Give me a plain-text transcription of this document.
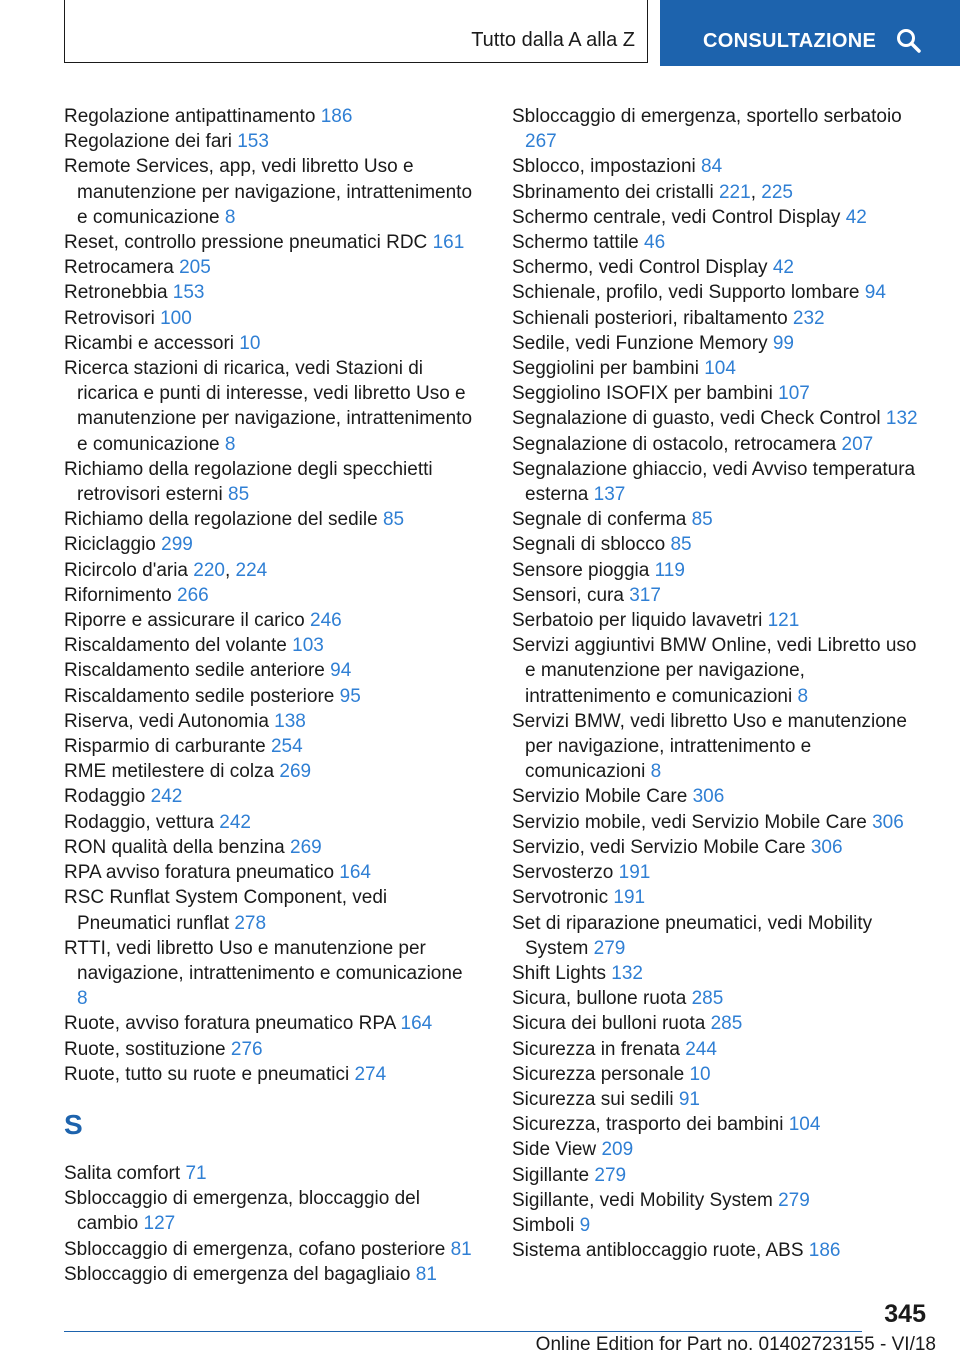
Tutto dalla A alla Z	CONSULTAZIONE

Regolazione antipattinamento 186

Regolazione dei fari 153

Remote Services, app, vedi libretto Uso e manutenzione per navigazione, intrattenimento e comunicazione 8

Reset, controllo pressione pneumatici RDC 161

Retrocamera 205

Retronebbia 153

Retrovisori 100

Ricambi e accessori 10

Ricerca stazioni di ricarica, vedi Stazioni di ricarica e punti di interesse, vedi libretto Uso e manutenzione per navigazione, intrattenimento e comunicazione 8

Richiamo della regolazione degli specchietti retrovisori esterni 85

Richiamo della regolazione del sedile 85

Riciclaggio 299

Ricircolo d'aria 220, 224

Rifornimento 266

Riporre e assicurare il carico 246

Riscaldamento del volante 103

Riscaldamento sedile anteriore 94

Riscaldamento sedile posteriore 95

Riserva, vedi Autonomia 138

Risparmio di carburante 254

RME metilestere di colza 269

Rodaggio 242

Rodaggio, vettura 242

RON qualità della benzina 269

RPA avviso foratura pneumatico 164

RSC Runflat System Component, vedi Pneumatici runflat 278

RTTI, vedi libretto Uso e manutenzione per navigazione, intrattenimento e comunicazione 8

Ruote, avviso foratura pneumatico RPA 164

Ruote, sostituzione 276

Ruote, tutto su ruote e pneumatici 274

S

Salita comfort 71

Sbloccaggio di emergenza, bloccaggio del cambio 127

Sbloccaggio di emergenza, cofano posteriore 81

Sbloccaggio di emergenza del bagagliaio 81

Sbloccaggio di emergenza, sportello serbatoio 267

Sblocco, impostazioni 84

Sbrinamento dei cristalli 221, 225

Schermo centrale, vedi Control Display 42

Schermo tattile 46

Schermo, vedi Control Display 42

Schienale, profilo, vedi Supporto lombare 94

Schienali posteriori, ribaltamento 232

Sedile, vedi Funzione Memory 99

Seggiolini per bambini 104

Seggiolino ISOFIX per bambini 107

Segnalazione di guasto, vedi Check Control 132

Segnalazione di ostacolo, retrocamera 207

Segnalazione ghiaccio, vedi Avviso temperatura esterna 137

Segnale di conferma 85

Segnali di sblocco 85

Sensore pioggia 119

Sensori, cura 317

Serbatoio per liquido lavavetri 121

Servizi aggiuntivi BMW Online, vedi Libretto uso e manutenzione per navigazione, intrattenimento e comunicazioni 8

Servizi BMW, vedi libretto Uso e manutenzione per navigazione, intrattenimento e comunicazioni 8

Servizio Mobile Care 306

Servizio mobile, vedi Servizio Mobile Care 306

Servizio, vedi Servizio Mobile Care 306

Servosterzo 191

Servotronic 191

Set di riparazione pneumatici, vedi Mobility System 279

Shift Lights 132

Sicura, bullone ruota 285

Sicura dei bulloni ruota 285

Sicurezza in frenata 244

Sicurezza personale 10

Sicurezza sui sedili 91

Sicurezza, trasporto dei bambini 104

Side View 209

Sigillante 279

Sigillante, vedi Mobility System 279

Simboli 9

Sistema antibloccaggio ruote, ABS 186

345
Online Edition for Part no. 01402723155 - VI/18
